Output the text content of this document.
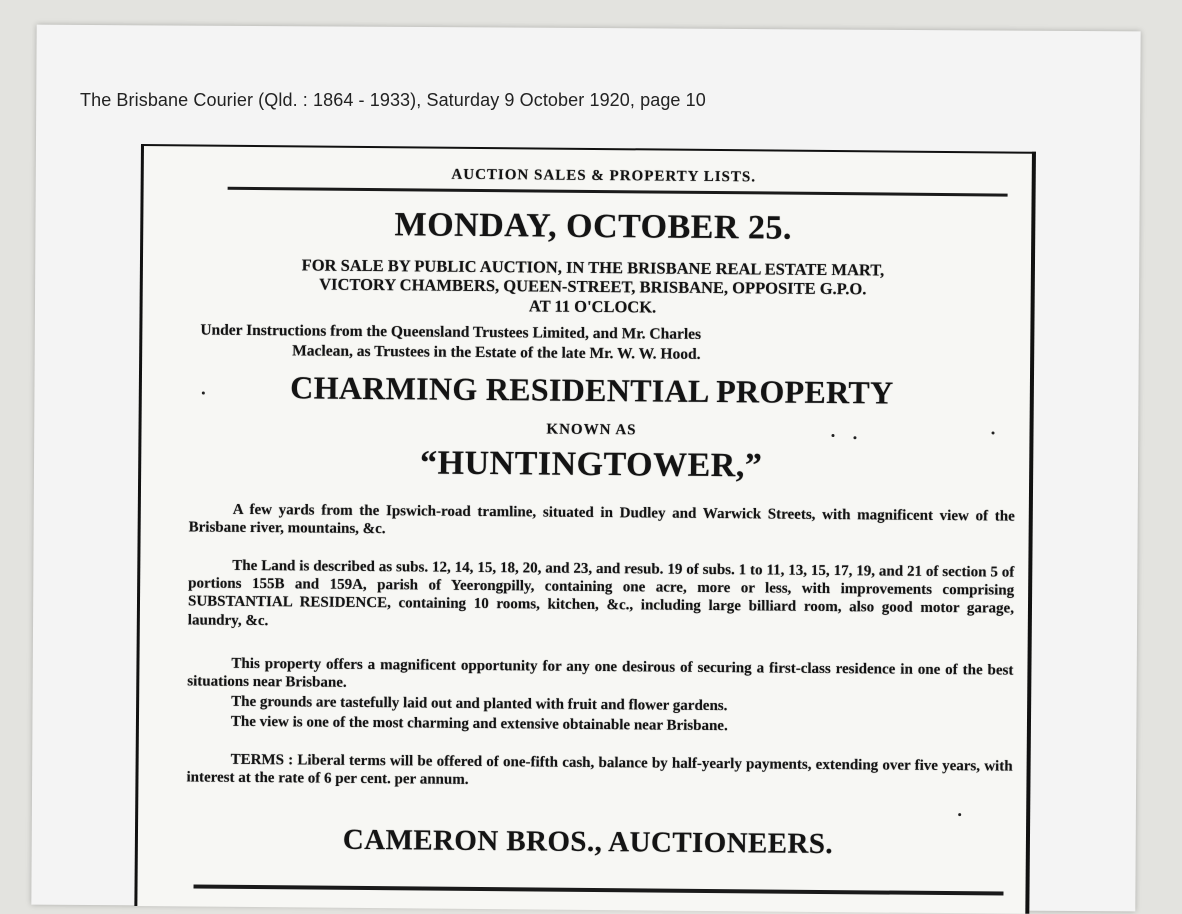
The Brisbane Courier (Qld. : 1864 - 1933), Saturday 9 October 1920, page 10
AUCTION SALES & PROPERTY LISTS.
MONDAY, OCTOBER 25.
FOR SALE BY PUBLIC AUCTION, IN THE BRISBANE REAL ESTATE MART,
VICTORY CHAMBERS, QUEEN-STREET, BRISBANE, OPPOSITE G.P.O.
AT 11 O'CLOCK.
Under Instructions from the Queensland Trustees Limited, and Mr. Charles
Maclean, as Trustees in the Estate of the late Mr. W. W. Hood.
CHARMING RESIDENTIAL PROPERTY
KNOWN AS
“HUNTINGTOWER,”
A few yards from the Ipswich-road tramline, situated in Dudley and Warwick Streets, with magnificent view of the Brisbane river, mountains, &c.
The Land is described as subs. 12, 14, 15, 18, 20, and 23, and resub. 19 of subs. 1 to 11, 13, 15, 17, 19, and 21 of section 5 of portions 155B and 159A, parish of Yeerongpilly, containing one acre, more or less, with improvements comprising SUBSTANTIAL RESIDENCE, containing 10 rooms, kitchen, &c., including large billiard room, also good motor garage, laundry, &c.
This property offers a magnificent opportunity for any one desirous of securing a first-class residence in one of the best situations near Brisbane.
The grounds are tastefully laid out and planted with fruit and flower gardens.
The view is one of the most charming and extensive obtainable near Brisbane.
TERMS : Liberal terms will be offered of one-fifth cash, balance by half-yearly payments, extending over five years, with interest at the rate of 6 per cent. per annum.
CAMERON BROS., AUCTIONEERS.
